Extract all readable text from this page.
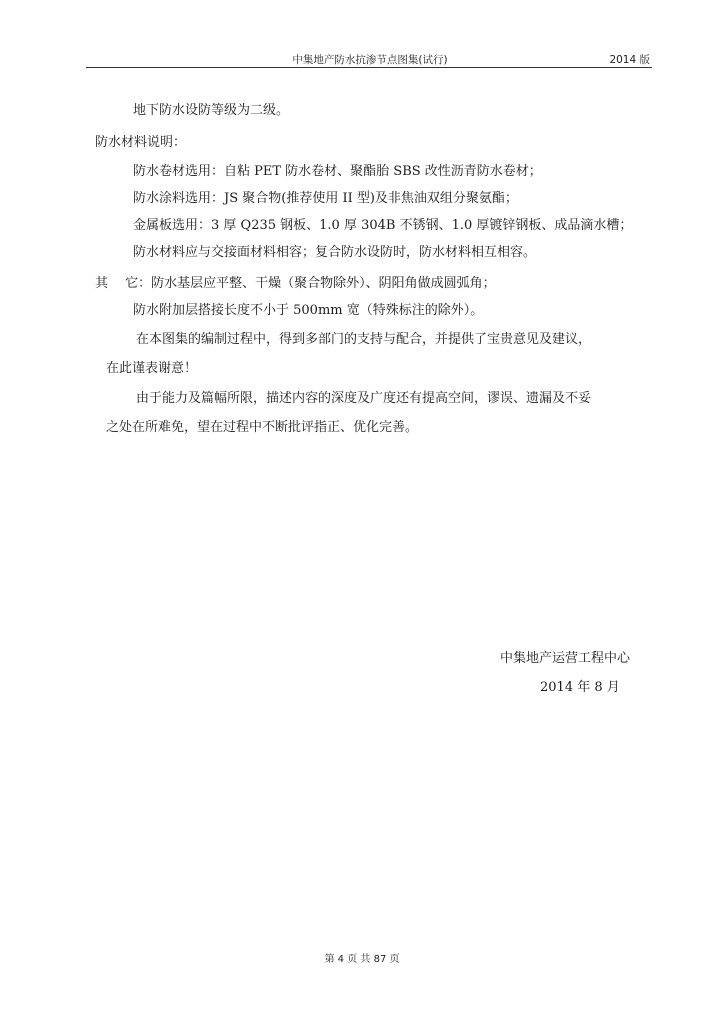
中集地产防水抗渗节点图集(试行)	2014 版
地下防水设防等级为二级。
防水材料说明：
防水卷材选用：自粘 PET 防水卷材、聚酯胎 SBS 改性沥青防水卷材；
防水涂料选用：JS 聚合物(推荐使用 II 型)及非焦油双组分聚氨酯；
金属板选用：3 厚 Q235 钢板、1.0 厚 304B 不锈钢、1.0 厚镀锌钢板、成品滴水槽；
防水材料应与交接面材料相容；复合防水设防时，防水材料相互相容。
其　 它：防水基层应平整、干燥（聚合物除外）、阴阳角做成圆弧角；
防水附加层搭接长度不小于 500mm 宽（特殊标注的除外）。
在本图集的编制过程中，得到多部门的支持与配合，并提供了宝贵意见及建议，
在此谨表谢意！
由于能力及篇幅所限，描述内容的深度及广度还有提高空间，谬误、遗漏及不妥
之处在所难免，望在过程中不断批评指正、优化完善。
中集地产运营工程中心
2014 年 8 月
第 4 页 共 87 页
